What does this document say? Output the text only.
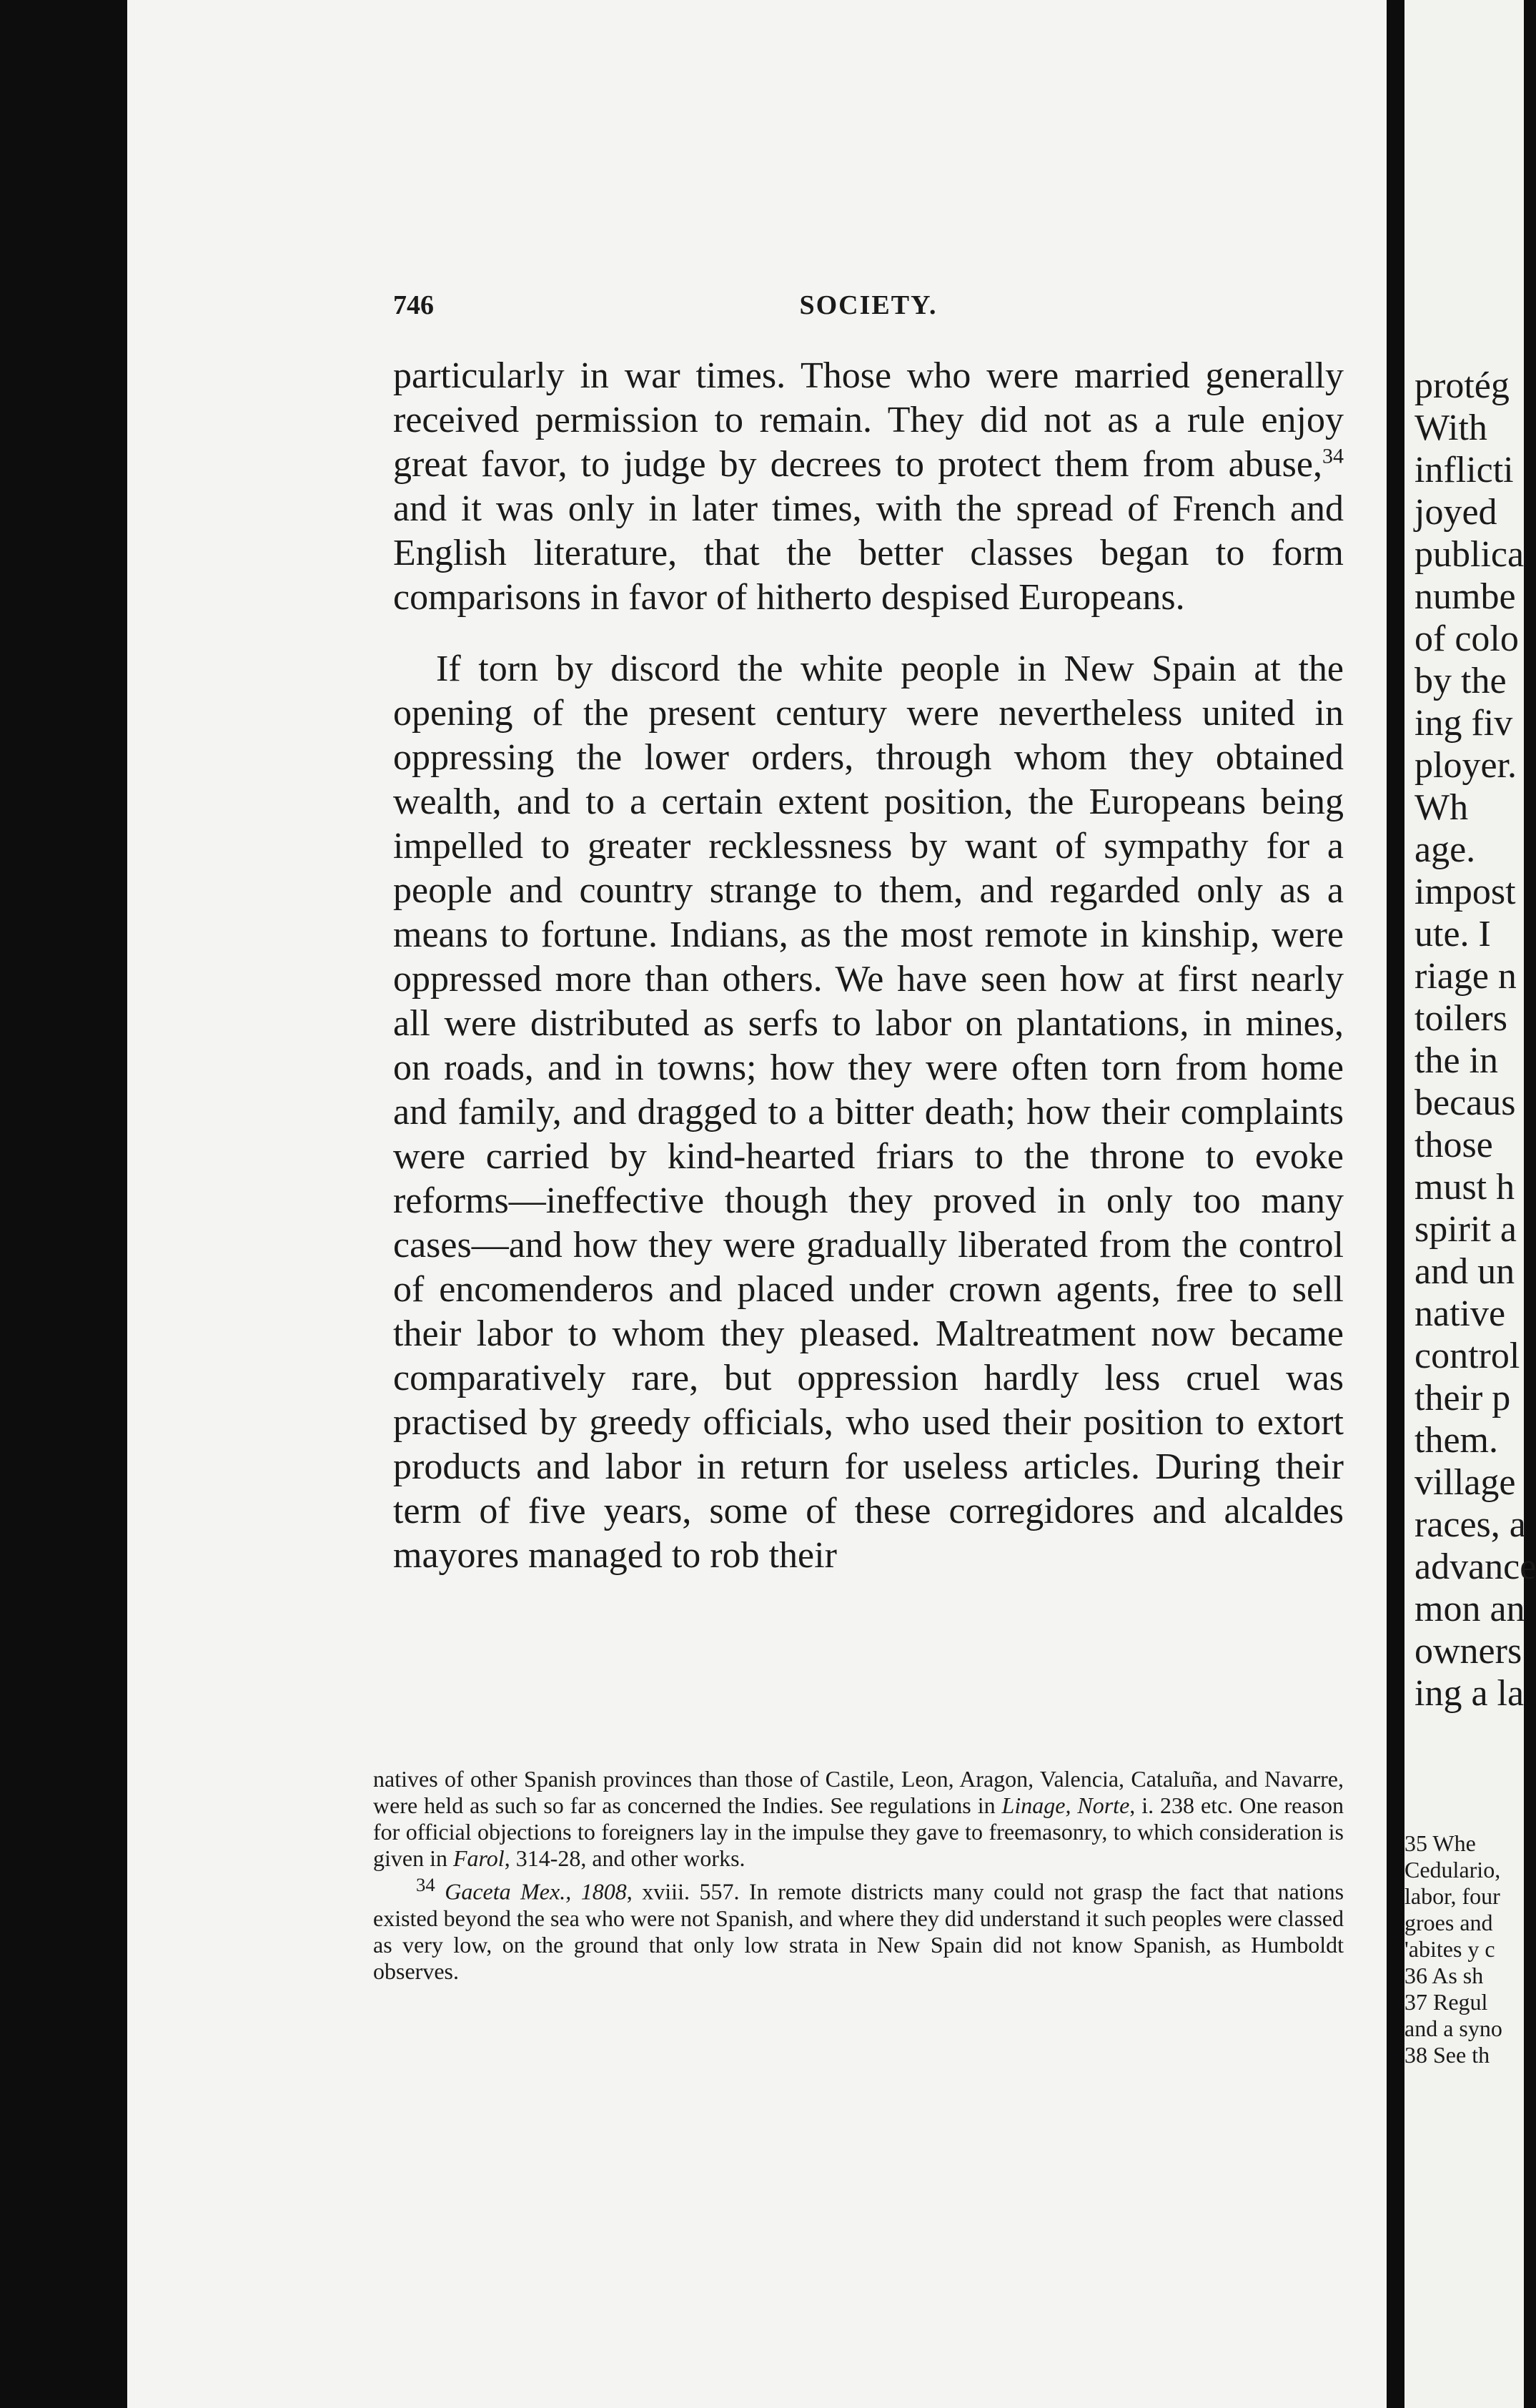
746	SOCIETY.

particularly in war times. Those who were married generally received permission to remain. They did not as a rule enjoy great favor, to judge by decrees to protect them from abuse,$^{34}$ and it was only in later times, with the spread of French and English literature, that the better classes began to form comparisons in favor of hitherto despised Europeans.

If torn by discord the white people in New Spain at the opening of the present century were nevertheless united in oppressing the lower orders, through whom they obtained wealth, and to a certain extent position, the Europeans being impelled to greater recklessness by want of sympathy for a people and country strange to them, and regarded only as a means to fortune. Indians, as the most remote in kinship, were oppressed more than others. We have seen how at first nearly all were distributed as serfs to labor on plantations, in mines, on roads, and in towns; how they were often torn from home and family, and dragged to a bitter death; how their complaints were carried by kind-hearted friars to the throne to evoke reforms—ineffective though they proved in only too many cases—and how they were gradually liberated from the control of encomenderos and placed under crown agents, free to sell their labor to whom they pleased. Maltreatment now became comparatively rare, but oppression hardly less cruel was practised by greedy officials, who used their position to extort products and labor in return for useless articles. During their term of five years, some of these corregidores and alcaldes mayores managed to rob their

natives of other Spanish provinces than those of Castile, Leon, Aragon, Valencia, Cataluña, and Navarre, were held as such so far as concerned the Indies. See regulations in Linage, Norte, i. 238 etc. One reason for official objections to foreigners lay in the impulse they gave to freemasonry, to which consideration is given in Farol, 314-28, and other works.

$^{34}$ Gaceta Mex., 1808, xviii. 557. In remote districts many could not grasp the fact that nations existed beyond the sea who were not Spanish, and where they did understand it such peoples were classed as very low, on the ground that only low strata in New Spain did not know Spanish, as Humboldt observes.

protég
With
inflicti
joyed
publica
numbe
of colo
by the
ing fiv
ployer.
Wh
age.
impost
ute. I
riage n
toilers
the in
becaus
those
must h
spirit a
and un
native
control
their p
them.
village
races, a
advance
mon an
owners
ing a la
35 Whe
Cedulario,
labor, four
groes and
'abites y c
36 As sh
37 Regul
and a syno
38 See th
